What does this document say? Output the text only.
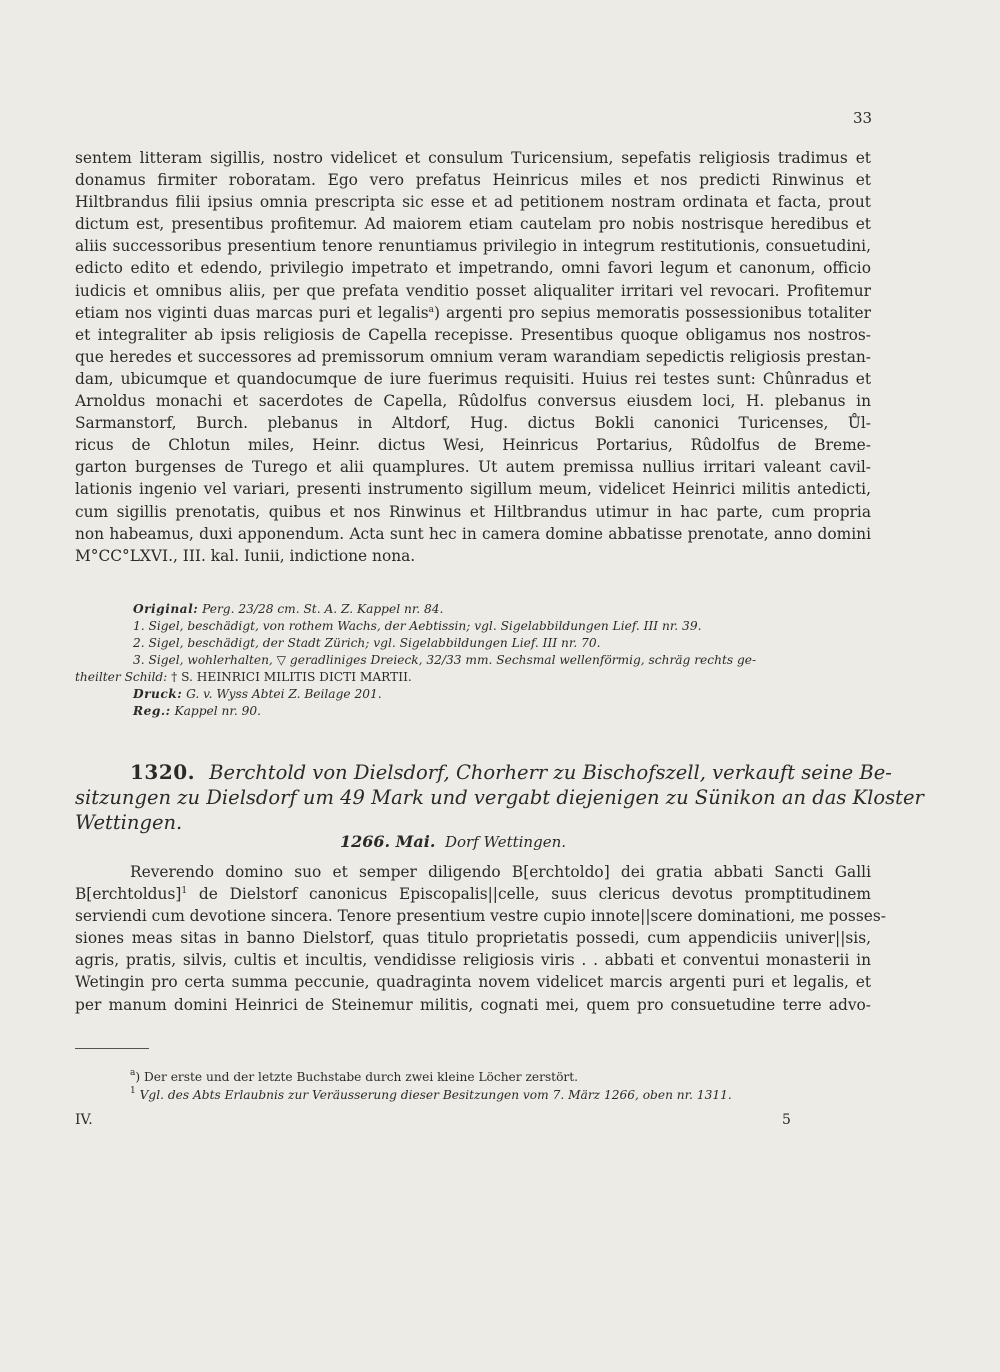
33
sentem litteram sigillis, nostro videlicet et consulum Turicensium, sepefatis religiosis tradimus et
donamus firmiter roboratam. Ego vero prefatus Heinricus miles et nos predicti Rinwinus et
Hiltbrandus filii ipsius omnia prescripta sic esse et ad petitionem nostram ordinata et facta, prout
dictum est, presentibus profitemur. Ad maiorem etiam cautelam pro nobis nostrisque heredibus et
aliis successoribus presentium tenore renuntiamus privilegio in integrum restitutionis, consuetudini,
edicto edito et edendo, privilegio impetrato et impetrando, omni favori legum et canonum, officio
iudicis et omnibus aliis, per que prefata venditio posset aliqualiter irritari vel revocari. Profitemur
etiam nos viginti duas marcas puri et legalis$^a$) argenti pro sepius memoratis possessionibus totaliter
et integraliter ab ipsis religiosis de Capella recepisse. Presentibus quoque obligamus nos nostros-
que heredes et successores ad premissorum omnium veram warandiam sepedictis religiosis prestan-
dam, ubicumque et quandocumque de iure fuerimus requisiti. Huius rei testes sunt: Chûnradus et
Arnoldus monachi et sacerdotes de Capella, Rûdolfus conversus eiusdem loci, H. plebanus in
Sarmanstorf, Burch. plebanus in Altdorf, Hug. dictus Bokli canonici Turicenses, Ůl-
ricus de Chlotun miles, Heinr. dictus Wesi, Heinricus Portarius, Rûdolfus de Breme-
garton burgenses de Turego et alii quamplures. Ut autem premissa nullius irritari valeant cavil-
lationis ingenio vel variari, presenti instrumento sigillum meum, videlicet Heinrici militis antedicti,
cum sigillis prenotatis, quibus et nos Rinwinus et Hiltbrandus utimur in hac parte, cum propria
non habeamus, duxi apponendum. Acta sunt hec in camera domine abbatisse prenotate, anno domini
M°CC°LXVI., III. kal. Iunii, indictione nona.
Original: Perg. 23/28 cm. St. A. Z. Kappel nr. 84.
1. Sigel, beschädigt, von rothem Wachs, der Aebtissin; vgl. Sigelabbildungen Lief. III nr. 39.
2. Sigel, beschädigt, der Stadt Zürich; vgl. Sigelabbildungen Lief. III nr. 70.
3. Sigel, wohlerhalten, ▽ geradliniges Dreieck, 32/33 mm. Sechsmal wellenförmig, schräg rechts ge-
theilter Schild: † S. HEINRICI MILITIS DICTI MARTII.
Druck: G. v. Wyss Abtei Z. Beilage 201.
Reg.: Kappel nr. 90.
1320. Berchtold von Dielsdorf, Chorherr zu Bischofszell, verkauft seine Be-
sitzungen zu Dielsdorf um 49 Mark und vergabt diejenigen zu Sünikon an das Kloster
Wettingen.
1266. Mai. Dorf Wettingen.
Reverendo domino suo et semper diligendo B[erchtoldo] dei gratia abbati Sancti Galli
B[erchtoldus]$^1$ de Dielstorf canonicus Episcopalis||celle, suus clericus devotus promptitudinem
serviendi cum devotione sincera. Tenore presentium vestre cupio innote||scere dominationi, me posses-
siones meas sitas in banno Dielstorf, quas titulo proprietatis possedi, cum appendiciis univer||sis,
agris, pratis, silvis, cultis et incultis, vendidisse religiosis viris . . abbati et conventui monasterii in
Wetingin pro certa summa peccunie, quadraginta novem videlicet marcis argenti puri et legalis, et
per manum domini Heinrici de Steinemur militis, cognati mei, quem pro consuetudine terre advo-
$^a$) Der erste und der letzte Buchstabe durch zwei kleine Löcher zerstört.
$^1$ Vgl. des Abts Erlaubnis zur Veräusserung dieser Besitzungen vom 7. März 1266, oben nr. 1311.
IV.	5
